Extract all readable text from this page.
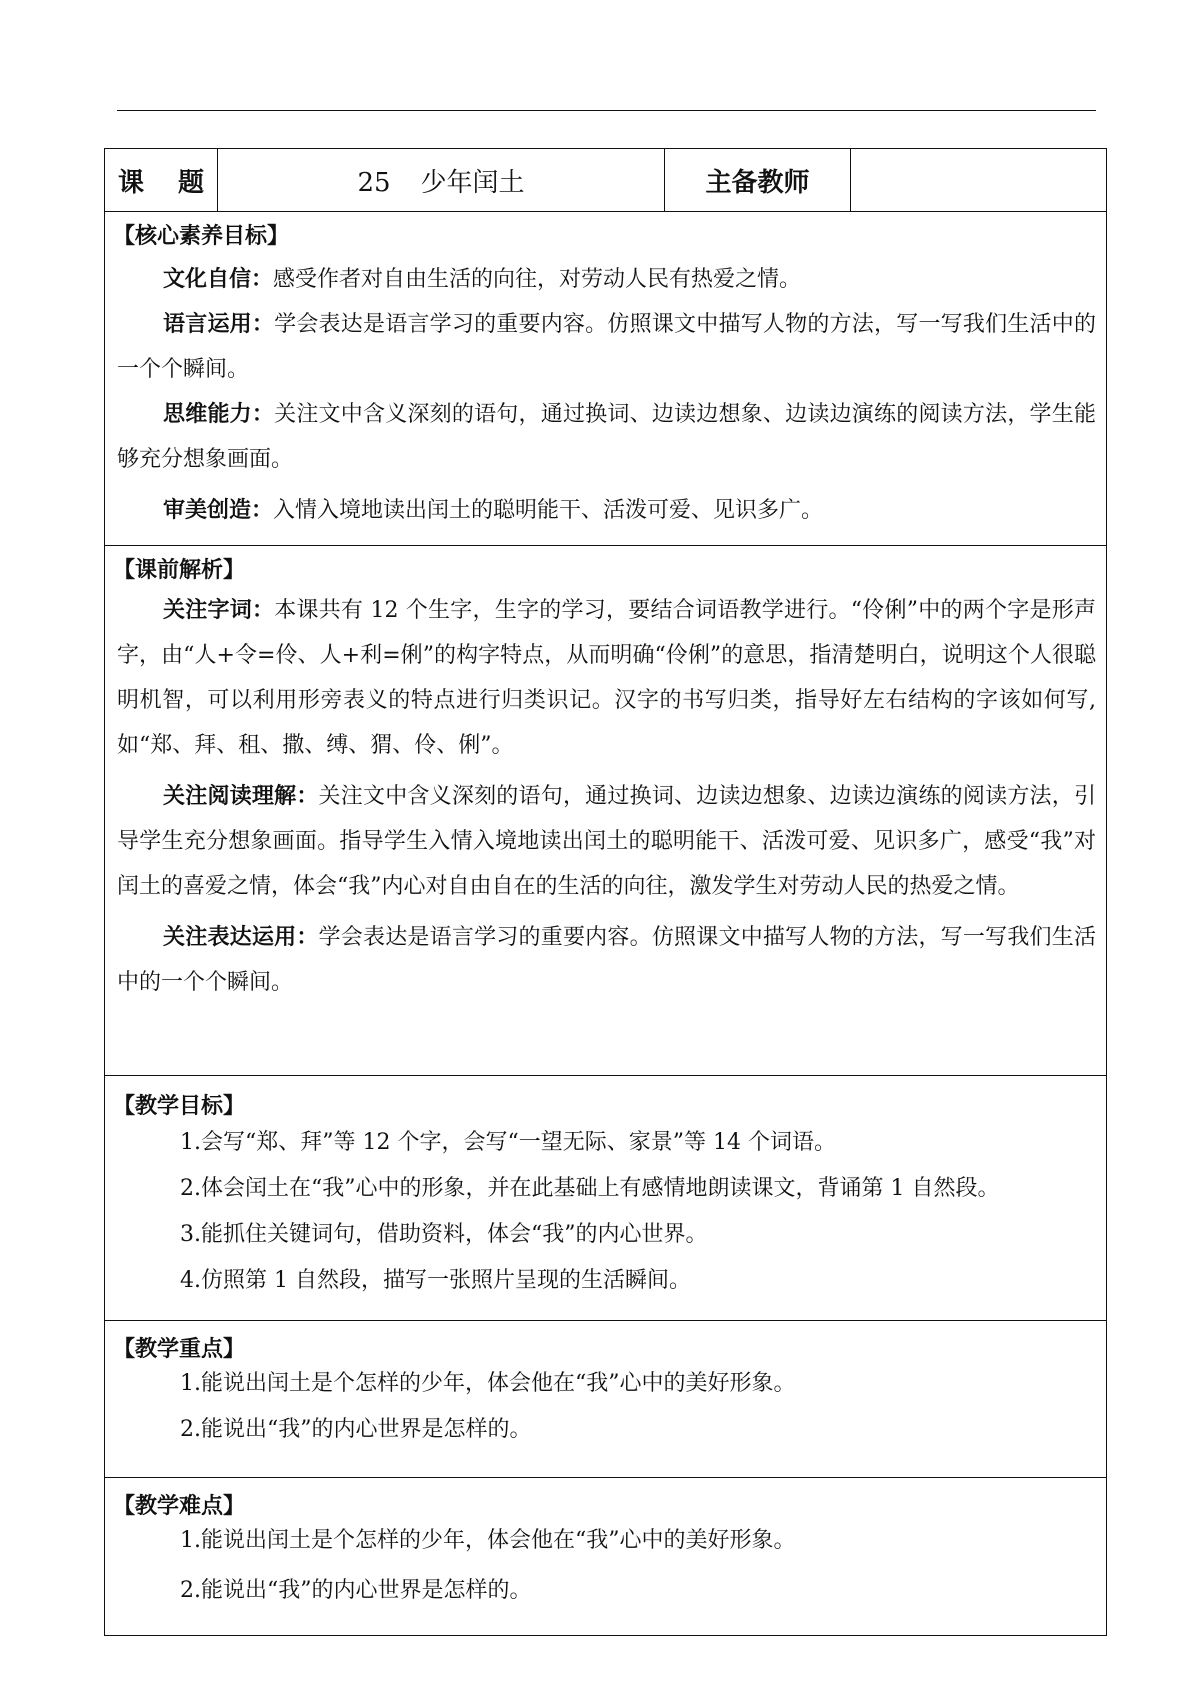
课 题	25 少年闰土	主备教师	

【核心素养目标】

文化自信：感受作者对自由生活的向往，对劳动人民有热爱之情。

语言运用：学会表达是语言学习的重要内容。仿照课文中描写人物的方法，写一写我们生活中的一个个瞬间。

思维能力：关注文中含义深刻的语句，通过换词、边读边想象、边读边演练的阅读方法，学生能够充分想象画面。

审美创造：入情入境地读出闰土的聪明能干、活泼可爱、见识多广。

【课前解析】

关注字词：本课共有 12 个生字，生字的学习，要结合词语教学进行。“伶俐”中的两个字是形声字，由“人+令=伶、人+利=俐”的构字特点，从而明确“伶俐”的意思，指清楚明白，说明这个人很聪明机智，可以利用形旁表义的特点进行归类识记。汉字的书写归类，指导好左右结构的字该如何写,如“郑、拜、租、撒、缚、猬、伶、俐”。

关注阅读理解：关注文中含义深刻的语句，通过换词、边读边想象、边读边演练的阅读方法，引导学生充分想象画面。指导学生入情入境地读出闰土的聪明能干、活泼可爱、见识多广，感受“我”对闰土的喜爱之情，体会“我”内心对自由自在的生活的向往，激发学生对劳动人民的热爱之情。

关注表达运用：学会表达是语言学习的重要内容。仿照课文中描写人物的方法，写一写我们生活中的一个个瞬间。

【教学目标】

1.会写“郑、拜”等 12 个字，会写“一望无际、家景”等 14 个词语。

2.体会闰土在“我”心中的形象，并在此基础上有感情地朗读课文，背诵第 1 自然段。

3.能抓住关键词句，借助资料，体会“我”的内心世界。

4.仿照第 1 自然段，描写一张照片呈现的生活瞬间。

【教学重点】

1.能说出闰土是个怎样的少年，体会他在“我”心中的美好形象。

2.能说出“我”的内心世界是怎样的。

【教学难点】

1.能说出闰土是个怎样的少年，体会他在“我”心中的美好形象。

2.能说出“我”的内心世界是怎样的。
